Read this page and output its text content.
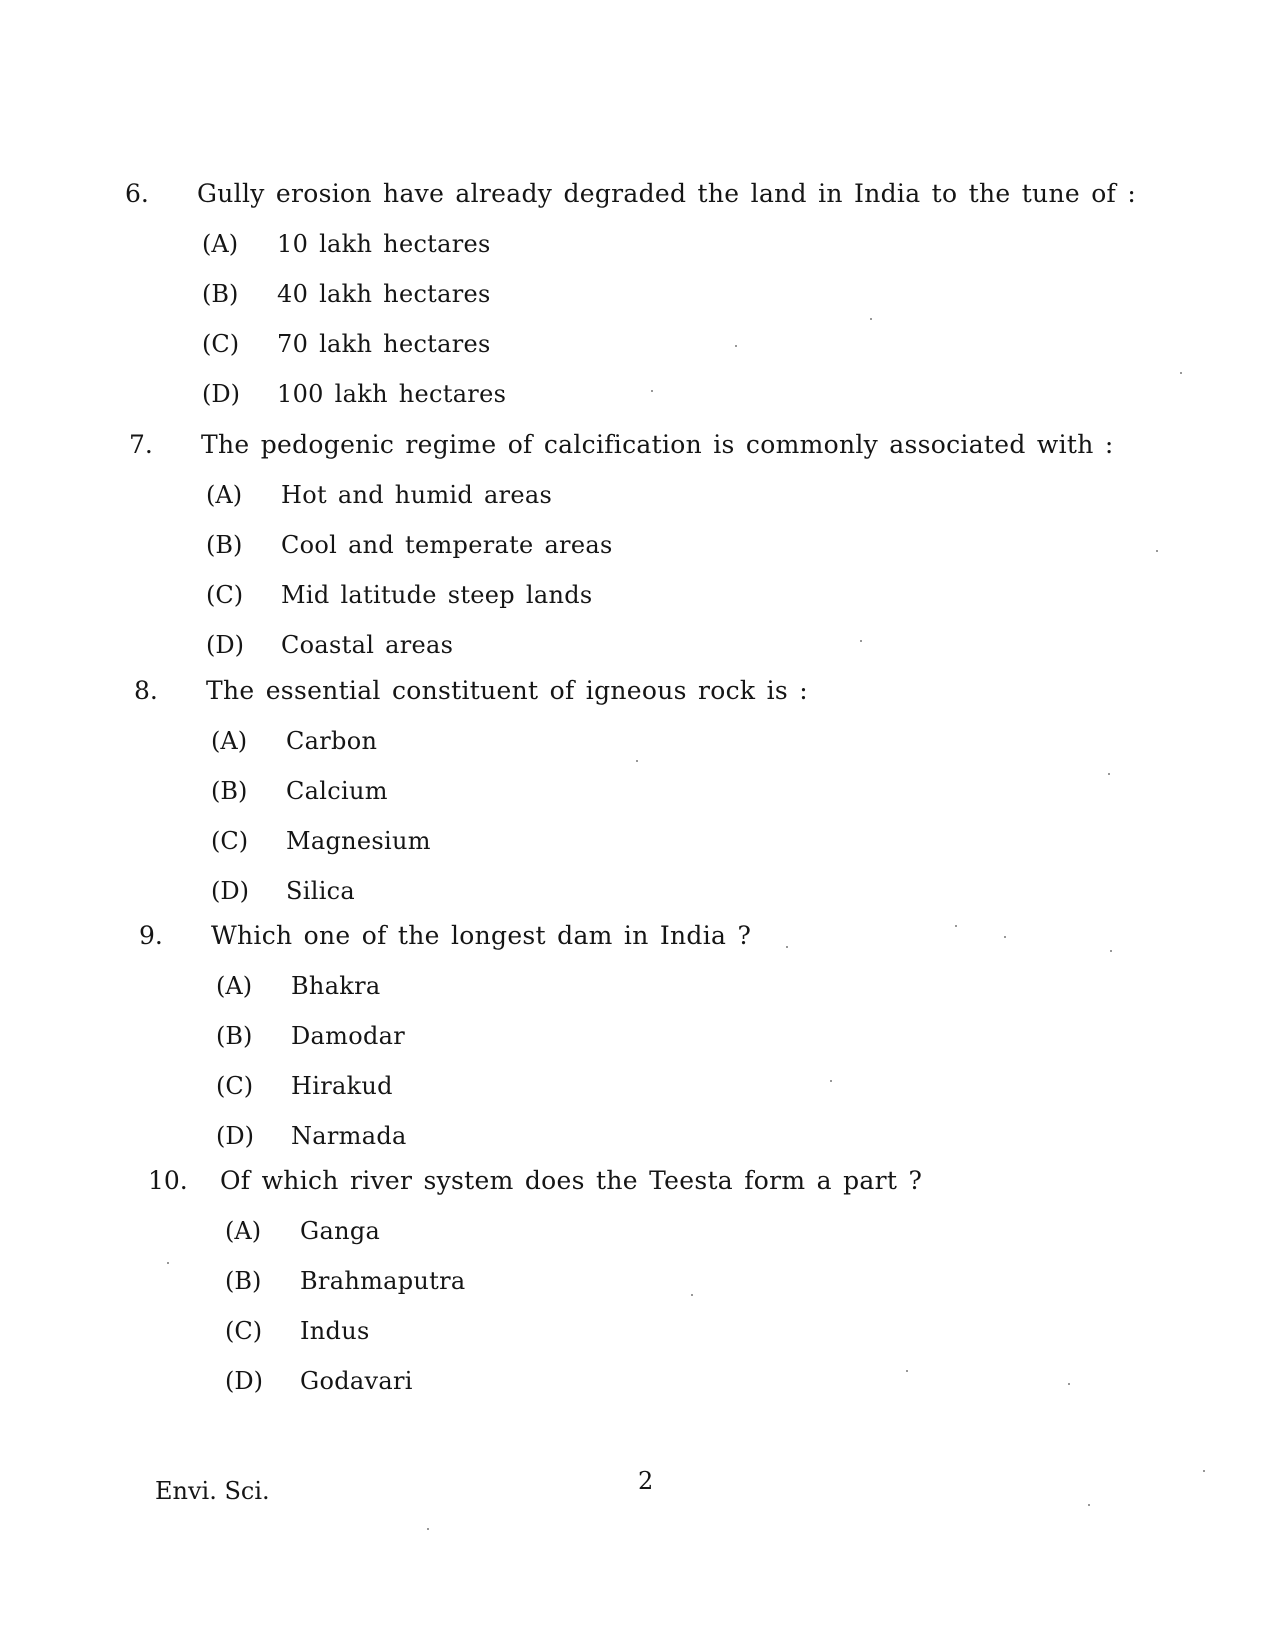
6. Gully erosion have already degraded the land in India to the tune of :
(A) 10 lakh hectares
(B) 40 lakh hectares
(C) 70 lakh hectares
(D) 100 lakh hectares
7. The pedogenic regime of calcification is commonly associated with :
(A) Hot and humid areas
(B) Cool and temperate areas
(C) Mid latitude steep lands
(D) Coastal areas
8. The essential constituent of igneous rock is :
(A) Carbon
(B) Calcium
(C) Magnesium
(D) Silica
9. Which one of the longest dam in India ?
(A) Bhakra
(B) Damodar
(C) Hirakud
(D) Narmada
10. Of which river system does the Teesta form a part ?
(A) Ganga
(B) Brahmaputra
(C) Indus
(D) Godavari
Envi. Sci.	2
